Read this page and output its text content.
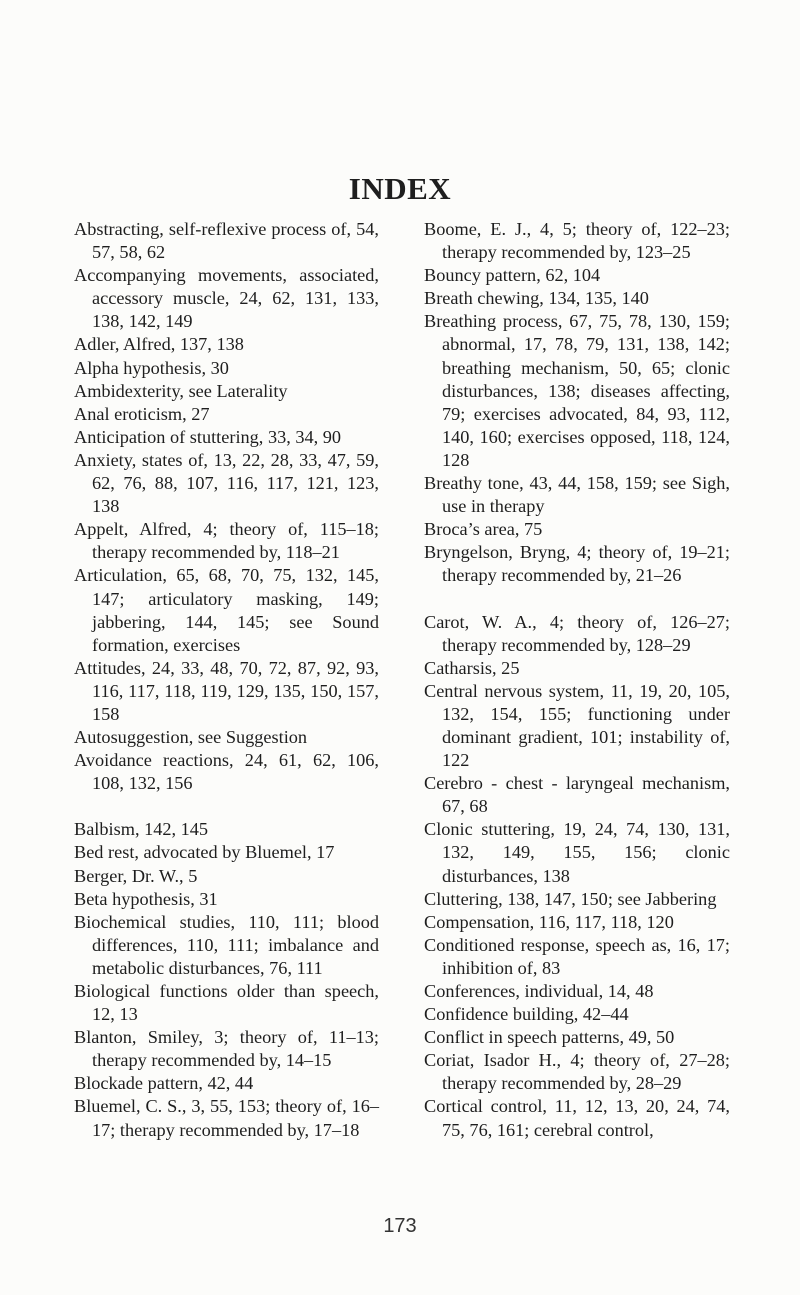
INDEX

Abstracting, self-reflexive process of, 54, 57, 58, 62

Accompanying movements, associated, accessory muscle, 24, 62, 131, 133, 138, 142, 149

Adler, Alfred, 137, 138

Alpha hypothesis, 30

Ambidexterity, see Laterality

Anal eroticism, 27

Anticipation of stuttering, 33, 34, 90

Anxiety, states of, 13, 22, 28, 33, 47, 59, 62, 76, 88, 107, 116, 117, 121, 123, 138

Appelt, Alfred, 4; theory of, 115–18; therapy recommended by, 118–21

Articulation, 65, 68, 70, 75, 132, 145, 147; articulatory masking, 149; jabbering, 144, 145; see Sound formation, exercises

Attitudes, 24, 33, 48, 70, 72, 87, 92, 93, 116, 117, 118, 119, 129, 135, 150, 157, 158

Autosuggestion, see Suggestion

Avoidance reactions, 24, 61, 62, 106, 108, 132, 156

Balbism, 142, 145

Bed rest, advocated by Bluemel, 17

Berger, Dr. W., 5

Beta hypothesis, 31

Biochemical studies, 110, 111; blood differences, 110, 111; imbalance and metabolic disturbances, 76, 111

Biological functions older than speech, 12, 13

Blanton, Smiley, 3; theory of, 11–13; therapy recommended by, 14–15

Blockade pattern, 42, 44

Bluemel, C. S., 3, 55, 153; theory of, 16–17; therapy recommended by, 17–18

Boome, E. J., 4, 5; theory of, 122–23; therapy recommended by, 123–25

Bouncy pattern, 62, 104

Breath chewing, 134, 135, 140

Breathing process, 67, 75, 78, 130, 159; abnormal, 17, 78, 79, 131, 138, 142; breathing mechanism, 50, 65; clonic disturbances, 138; diseases affecting, 79; exercises advocated, 84, 93, 112, 140, 160; exercises opposed, 118, 124, 128

Breathy tone, 43, 44, 158, 159; see Sigh, use in therapy

Broca’s area, 75

Bryngelson, Bryng, 4; theory of, 19–21; therapy recommended by, 21–26

Carot, W. A., 4; theory of, 126–27; therapy recommended by, 128–29

Catharsis, 25

Central nervous system, 11, 19, 20, 105, 132, 154, 155; functioning under dominant gradient, 101; instability of, 122

Cerebro - chest - laryngeal mechanism, 67, 68

Clonic stuttering, 19, 24, 74, 130, 131, 132, 149, 155, 156; clonic disturbances, 138

Cluttering, 138, 147, 150; see Jabbering

Compensation, 116, 117, 118, 120

Conditioned response, speech as, 16, 17; inhibition of, 83

Conferences, individual, 14, 48

Confidence building, 42–44

Conflict in speech patterns, 49, 50

Coriat, Isador H., 4; theory of, 27–28; therapy recommended by, 28–29

Cortical control, 11, 12, 13, 20, 24, 74, 75, 76, 161; cerebral control,

173
